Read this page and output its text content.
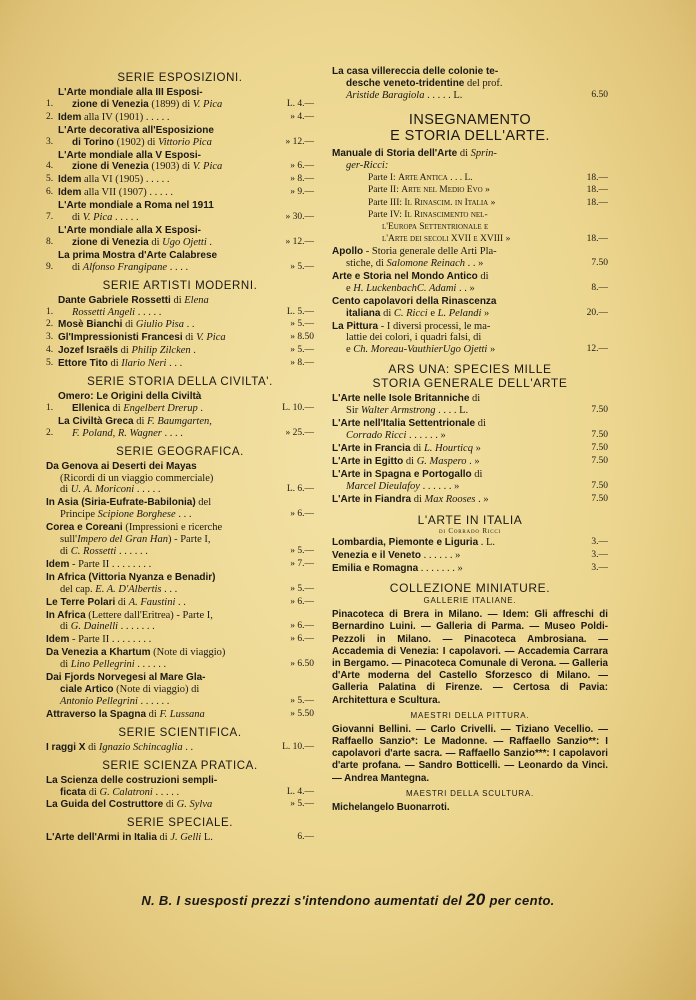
SERIE ESPOSIZIONI.
1.
L'Arte mondiale alla III Esposi-
zione di Venezia (1899) di V. Pica	L. 4.—
2. Idem alla IV (1901) . . . . .	» 4.—
3.
L'Arte decorativa all'Esposizione
di Torino (1902) di Vittorio Pica	» 12.—
4.
L'Arte mondiale alla V Esposi-
zione di Venezia (1903) di V. Pica	» 6.—
5. Idem alla VI (1905) . . . . .	» 8.—
6. Idem alla VII (1907) . . . . .	» 9.—
7.
L'Arte mondiale a Roma nel 1911
di V. Pica . . . . .	» 30.—
8.
L'Arte mondiale alla X Esposi-
zione di Venezia di Ugo Ojetti .	» 12.—
9.
La prima Mostra d'Arte Calabrese
di Alfonso Frangipane . . . .	» 5.—
SERIE ARTISTI MODERNI.
1.
Dante Gabriele Rossetti di Elena
Rossetti Angeli . . . . .	L. 5.—
2. Mosè Bianchi di Giulio Pisa . .	» 5.—
3. Gl'Impressionisti Francesi di V. Pica	» 8.50
4. Jozef Israëls di Philip Zilcken .	» 5.—
5. Ettore Tito di Ilario Neri . . .	» 8.—
SERIE STORIA DELLA CIVILTA'.
1.
Omero: Le Origini della Civiltà
Ellenica di Engelbert Drerup .	L. 10.—
2.
La Civiltà Greca di F. Baumgarten,
F. Poland, R. Wagner . . . .	» 25.—
SERIE GEOGRAFICA.
Da Genova ai Deserti dei Mayas
(Ricordi di un viaggio commerciale)
di U. A. Moriconi . . . . .	L. 6.—
In Asia (Siria-Eufrate-Babilonia) del
Principe Scipione Borghese . . .	» 6.—
Corea e Coreani (Impressioni e ricerche
sull'Impero del Gran Han) - Parte I,
di C. Rossetti . . . . . .	» 5.—
Idem - Parte II . . . . . . . .	» 7.—
In Africa (Vittoria Nyanza e Benadir)
del cap. E. A. D'Albertis . . .	» 5.—
Le Terre Polari di A. Faustini . .	» 6.—
In Africa (Lettere dall'Eritrea) - Parte I,
di G. Dainelli . . . . . . .	» 6.—
Idem - Parte II . . . . . . . .	» 6.—
Da Venezia a Khartum (Note di viaggio)
di Lino Pellegrini . . . . . .	» 6.50
Dai Fjords Norvegesi al Mare Gla-
ciale Artico (Note di viaggio) di
Antonio Pellegrini . . . . . .	» 5.—
Attraverso la Spagna di F. Lussana	» 5.50
SERIE SCIENTIFICA.
I raggi X di Ignazio Schincaglia . .	L. 10.—
SERIE SCIENZA PRATICA.
La Scienza delle costruzioni sempli-
ficata di G. Calatroni . . . . .	L. 4.—
La Guida del Costruttore di G. Sylva	» 5.—
SERIE SPECIALE.
L'Arte dell'Armi in Italia di J. Gelli L.	6.—
La casa villereccia delle colonie te-
desche veneto-tridentine del prof.
Aristide Baragiola . . . . . L.	6.50
INSEGNAMENTO
E STORIA DELL'ARTE.
Manuale di Storia dell'Arte di Sprin-
ger-Ricci:
Parte I: Arte Antica . . . L.	18.—
Parte II: Arte nel Medio Evo »	18.—
Parte III: Il Rinascim. in Italia »	18.—
Parte IV: Il Rinascimento nel-
l'Europa Settentrionale e
l'Arte dei secoli XVII e XVIII »	18.—
Apollo - Storia generale delle Arti Pla-
stiche, di Salomone Reinach . . »	7.50
Arte e Storia nel Mondo Antico di
e H. LuckenbachC. Adami . . »	8.—
Cento capolavori della Rinascenza
italiana di C. Ricci e L. Pelandi »	20.—
La Pittura - I diversi processi, le ma-
lattie dei colori, i quadri falsi, di
e Ch. Moreau-VauthierUgo Ojetti »	12.—
ARS UNA: SPECIES MILLE
STORIA GENERALE DELL'ARTE
L'Arte nelle Isole Britanniche di
Sir Walter Armstrong . . . . L.	7.50
L'Arte nell'Italia Settentrionale di
Corrado Ricci . . . . . . »	7.50
L'Arte in Francia di L. Hourticq »	7.50
L'Arte in Egitto di G. Maspero . »	7.50
L'Arte in Spagna e Portogallo di
Marcel Dieulafoy . . . . . . »	7.50
L'Arte in Fiandra di Max Rooses . »	7.50
L'ARTE IN ITALIA
di Corrado Ricci
Lombardia, Piemonte e Liguria . L.	3.—
Venezia e il Veneto . . . . . . »	3.—
Emilia e Romagna . . . . . . . »	3.—
COLLEZIONE MINIATURE.
GALLERIE ITALIANE.
Pinacoteca di Brera in Milano. — Idem: Gli affreschi di Bernardino Luini. — Galleria di Parma. — Museo Poldi-Pezzoli in Milano. — Pinacoteca Ambrosiana. — Accademia di Venezia: I capolavori. — Accademia Carrara in Bergamo. — Pinacoteca Comunale di Verona. — Galleria d'Arte moderna del Castello Sforzesco di Milano. — Galleria Palatina di Firenze. — Certosa di Pavia: Architettura e Scultura.
MAESTRI DELLA PITTURA.
Giovanni Bellini. — Carlo Crivelli. — Tiziano Vecellio. — Raffaello Sanzio*: Le Madonne. — Raffaello Sanzio**: I capolavori d'arte sacra. — Raffaello Sanzio***: I capolavori d'arte profana. — Sandro Botticelli. — Leonardo da Vinci. — Andrea Mantegna.
MAESTRI DELLA SCULTURA.
Michelangelo Buonarroti.
N. B. I suesposti prezzi s'intendono aumentati del 20 per cento.
